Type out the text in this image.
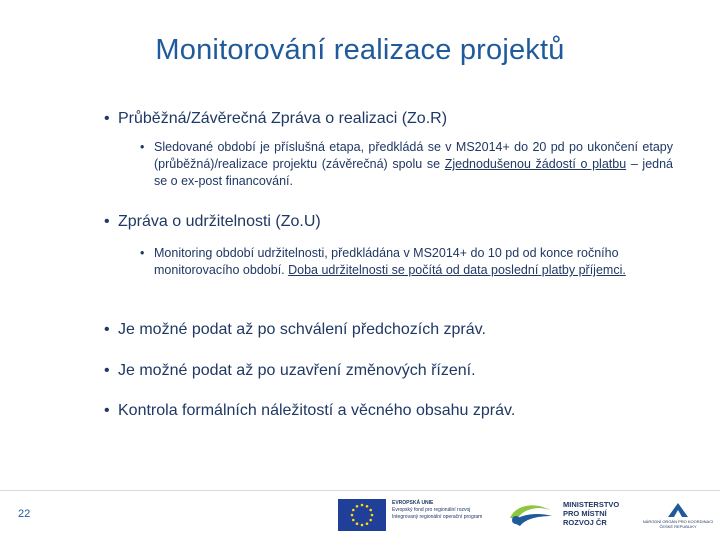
Monitorování realizace projektů
• Průběžná/Závěrečná Zpráva o realizaci (Zo.R)
• Sledované období je příslušná etapa, předkládá se v MS2014+ do 20 pd po ukončení etapy (průběžná)/realizace projektu (závěrečná) spolu se Zjednodušenou žádostí o platbu – jedná se o ex-post financování.

• Zpráva o udržitelnosti (Zo.U)
• Monitoring období udržitelnosti, předkládána v MS2014+ do 10 pd od konce ročního monitorovacího období. Doba udržitelnosti se počítá od data poslední platby příjemci.

• Je možné podat až po schválení předchozích zpráv.
• Je možné podat až po uzavření změnových řízení.
• Kontrola formálních náležitostí a věcného obsahu zpráv.
22
EVROPSKÁ UNIE
Evropský fond pro regionální rozvoj
Integrovaný regionální operační program
MINISTERSTVO
PRO MÍSTNÍ
ROZVOJ ČR	NÁRODNÍ ORGÁN PRO KOORDINACI
ČESKÉ REPUBLIKY
